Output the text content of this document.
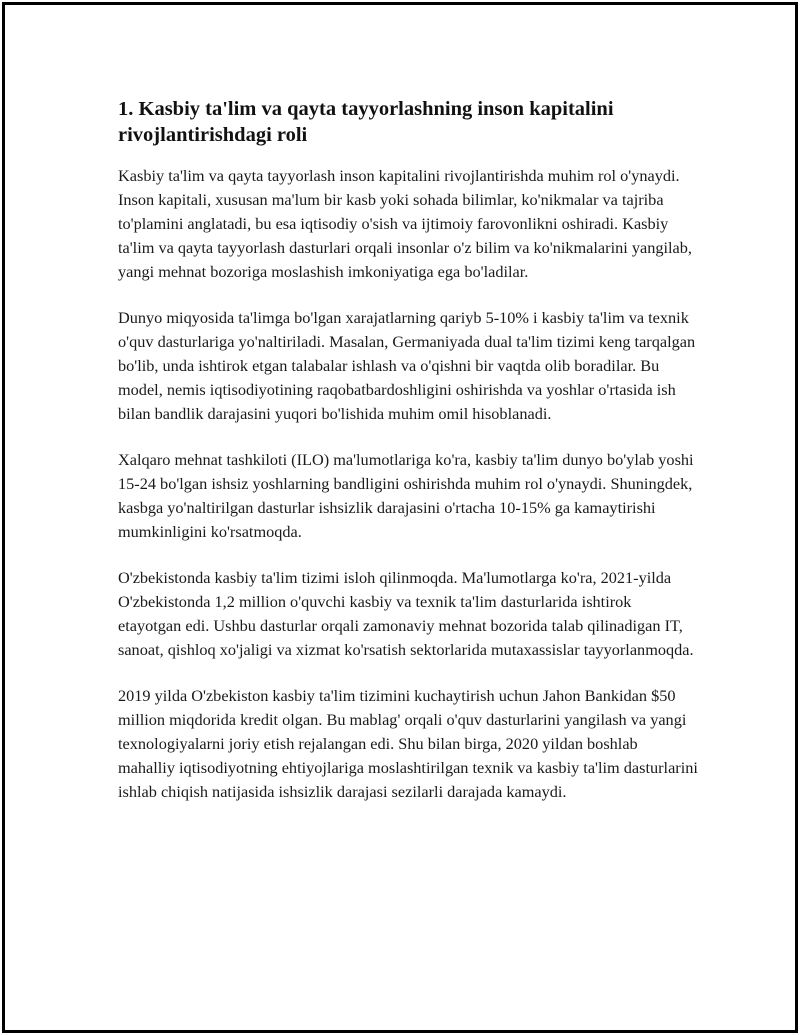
1. Kasbiy ta'lim va qayta tayyorlashning inson kapitalini rivojlantirishdagi roli

Kasbiy ta'lim va qayta tayyorlash inson kapitalini rivojlantirishda muhim rol o'ynaydi. Inson kapitali, xususan ma'lum bir kasb yoki sohada bilimlar, ko'nikmalar va tajriba to'plamini anglatadi, bu esa iqtisodiy o'sish va ijtimoiy farovonlikni oshiradi. Kasbiy ta'lim va qayta tayyorlash dasturlari orqali insonlar o'z bilim va ko'nikmalarini yangilab, yangi mehnat bozoriga moslashish imkoniyatiga ega bo'ladilar.

Dunyo miqyosida ta'limga bo'lgan xarajatlarning qariyb 5-10% i kasbiy ta'lim va texnik o'quv dasturlariga yo'naltiriladi. Masalan, Germaniyada dual ta'lim tizimi keng tarqalgan bo'lib, unda ishtirok etgan talabalar ishlash va o'qishni bir vaqtda olib boradilar. Bu model, nemis iqtisodiyotining raqobatbardoshligini oshirishda va yoshlar o'rtasida ish bilan bandlik darajasini yuqori bo'lishida muhim omil hisoblanadi.

Xalqaro mehnat tashkiloti (ILO) ma'lumotlariga ko'ra, kasbiy ta'lim dunyo bo'ylab yoshi 15-24 bo'lgan ishsiz yoshlarning bandligini oshirishda muhim rol o'ynaydi. Shuningdek, kasbga yo'naltirilgan dasturlar ishsizlik darajasini o'rtacha 10-15% ga kamaytirishi mumkinligini ko'rsatmoqda.

O'zbekistonda kasbiy ta'lim tizimi isloh qilinmoqda. Ma'lumotlarga ko'ra, 2021-yilda O'zbekistonda 1,2 million o'quvchi kasbiy va texnik ta'lim dasturlarida ishtirok etayotgan edi. Ushbu dasturlar orqali zamonaviy mehnat bozorida talab qilinadigan IT, sanoat, qishloq xo'jaligi va xizmat ko'rsatish sektorlarida mutaxassislar tayyorlanmoqda.

2019 yilda O'zbekiston kasbiy ta'lim tizimini kuchaytirish uchun Jahon Bankidan $50 million miqdorida kredit olgan. Bu mablag' orqali o'quv dasturlarini yangilash va yangi texnologiyalarni joriy etish rejalangan edi. Shu bilan birga, 2020 yildan boshlab mahalliy iqtisodiyotning ehtiyojlariga moslashtirilgan texnik va kasbiy ta'lim dasturlarini ishlab chiqish natijasida ishsizlik darajasi sezilarli darajada kamaydi.
